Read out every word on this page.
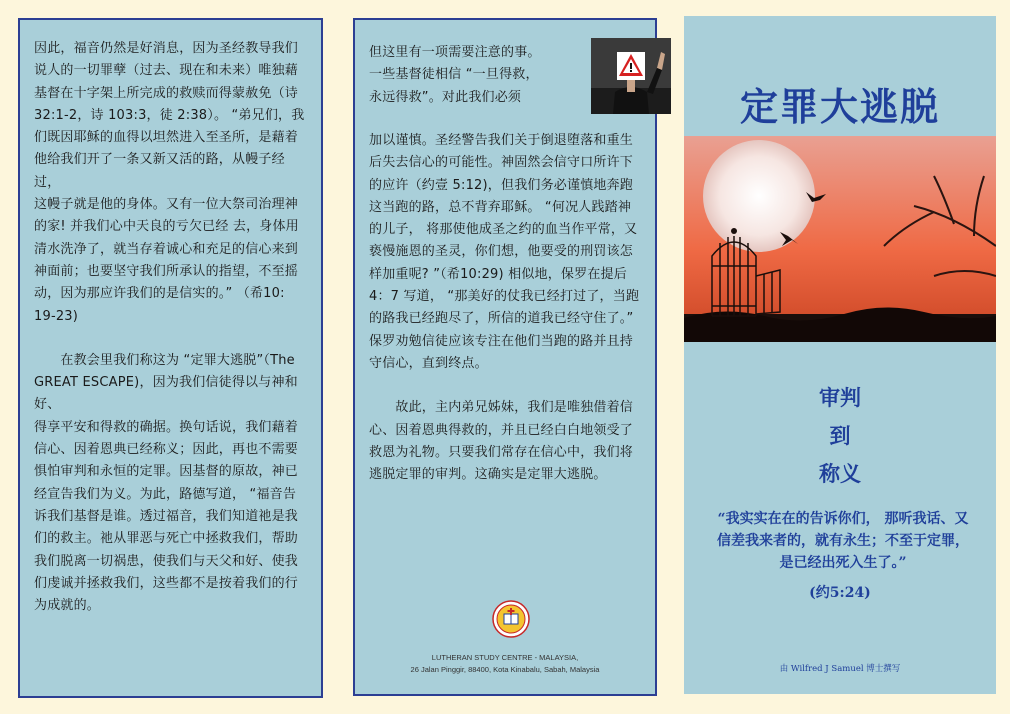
因此，福音仍然是好消息，因为圣经教导我们
说人的一切罪孽（过去、现在和未来）唯独藉
基督在十字架上所完成的救赎而得蒙赦免（诗
32:1-2，诗 103:3，徒 2:38）。 “弟兄们，我
们既因耶稣的血得以坦然进入至圣所，是藉着
他给我们开了一条又新又活的路，从幔子经过，
这幔子就是他的身体。又有一位大祭司治理神
的家! 并我们心中天良的亏欠已经 去，身体用
清水洗净了，就当存着诚心和充足的信心来到
神面前；也要坚守我们所承认的指望，不至摇
动，因为那应许我们的是信实的。” （希10:
19-23)

　　在教会里我们称这为 “定罪大逃脱”（The
GREAT ESCAPE)，因为我们信徒得以与神和好、
得享平安和得救的确据。换句话说，我们藉着
信心、因着恩典已经称义；因此，再也不需要
惧怕审判和永恒的定罪。因基督的原故，神已
经宣告我们为义。为此，路德写道， “福音告
诉我们基督是谁。透过福音，我们知道祂是我
们的救主。祂从罪恶与死亡中拯救我们，帮助
我们脱离一切祸患，使我们与天父和好、使我
们虔诚并拯救我们，这些都不是按着我们的行
为成就的。

但这里有一项需要注意的事。
一些基督徒相信 “一旦得救，
永远得救”。对此我们必须

加以谨慎。圣经警告我们关于倒退堕落和重生
后失去信心的可能性。神固然会信守口所许下
的应许（约壹 5:12)，但我们务必谨慎地奔跑
这当跑的路，总不背弃耶稣。 “何况人践踏神
的儿子， 将那使他成圣之约的血当作平常，又
亵慢施恩的圣灵，你们想，他要受的刑罚该怎
样加重呢? ”（希10:29) 相似地，保罗在提后
4：7 写道， “那美好的仗我已经打过了，当跑
的路我已经跑尽了，所信的道我已经守住了。”
保罗劝勉信徒应该专注在他们当跑的路并且持
守信心，直到终点。

　　故此，主内弟兄姊妹，我们是唯独借着信
心、因着恩典得救的，并且已经白白地领受了
救恩为礼物。只要我们常存在信心中，我们将
逃脱定罪的审判。这确实是定罪大逃脱。

LUTHERAN STUDY CENTRE - MALAYSIA,
26 Jalan Pinggir, 88400, Kota Kinabalu, Sabah, Malaysia
定罪大逃脱
审判
到
称义
“我实实在在的告诉你们， 那听我话、又信差我来者的，就有永生；不至于定罪， 是已经出死入生了。”
(约5:24)
由 Wilfred J Samuel 博士撰写
